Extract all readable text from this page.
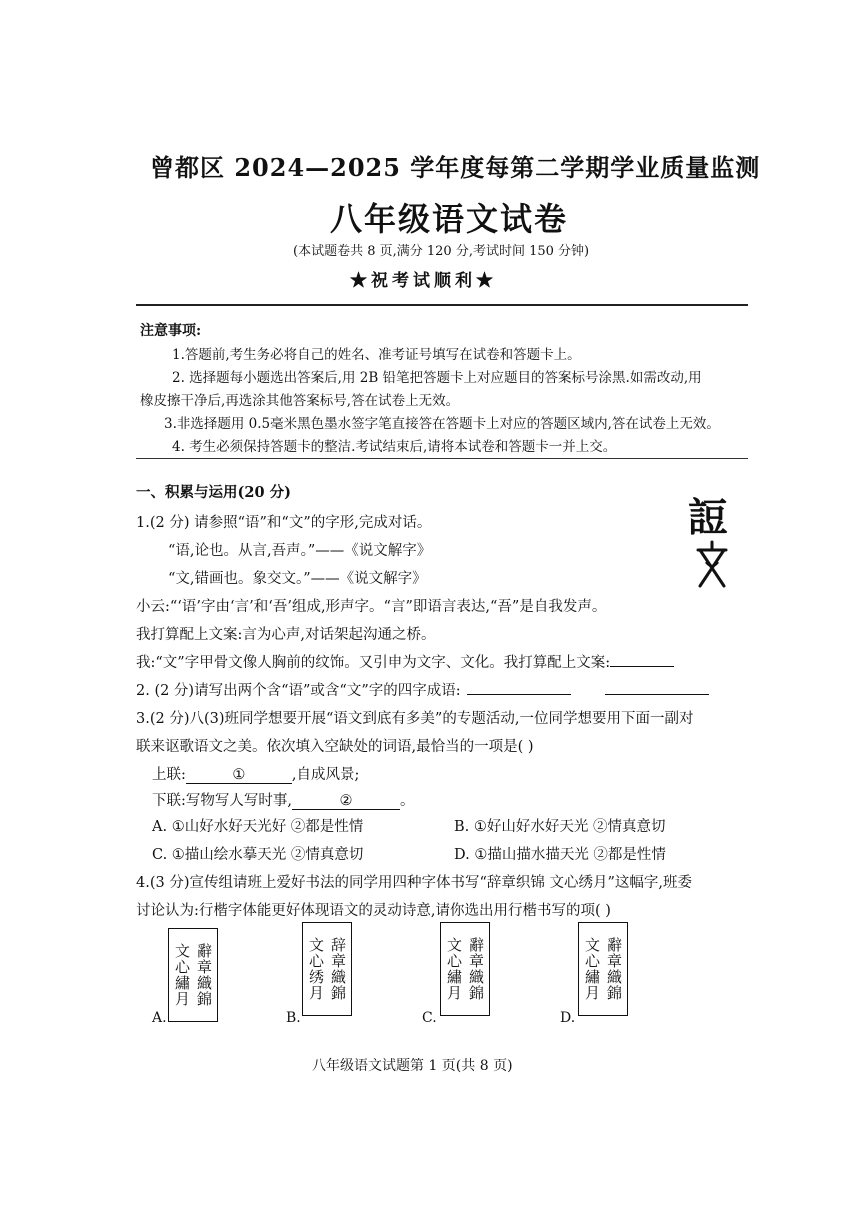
曾都区 2024—2025 学年度每第二学期学业质量监测
八年级语文试卷
(本试题卷共 8 页,满分 120 分,考试时间 150 分钟)
★祝考试顺利★
注意事项:
1.答题前,考生务必将自己的姓名、准考证号填写在试卷和答题卡上。
2. 选择题每小题选出答案后,用 2B 铅笔把答题卡上对应题目的答案标号涂黑.如需改动,用
橡皮擦干净后,再选涂其他答案标号,答在试卷上无效。
3.非选择题用 0.5毫米黑色墨水签字笔直接答在答题卡上对应的答题区域内,答在试卷上无效。
4. 考生必须保持答题卡的整洁.考试结束后,请将本试卷和答题卡一并上交。
一、积累与运用(20 分)
1.(2 分) 请参照“语”和“文”的字形,完成对话。
“语,论也。从言,吾声。”——《说文解字》
“文,错画也。象交文。”——《说文解字》
小云:“‘语’字由‘言’和‘吾’组成,形声字。“言”即语言表达,“吾”是自我发声。
我打算配上文案:言为心声,对话架起沟通之桥。
我:“文”字甲骨文像人胸前的纹饰。又引申为文字、文化。我打算配上文案:
䛠
2. (2 分)请写出两个含“语”或含“文”字的四字成语:
3.(2 分)八(3)班同学想要开展“语文到底有多美”的专题活动,一位同学想要用下面一副对
联来讴歌语文之美。依次填入空缺处的词语,最恰当的一项是( )
上联:	①	,自成风景;
下联:写物写人写时事,	②	。
A. ①山好水好天光好 ②都是性情	B. ①好山好水好天光 ②情真意切
C. ①描山绘水摹天光 ②情真意切	D. ①描山描水描天光 ②都是性情
4.(3 分)宣传组请班上爱好书法的同学用四种字体书写“辞章织锦 文心绣月”这幅字,班委
讨论认为:行楷字体能更好体现语文的灵动诗意,请你选出用行楷书写的项( )
A.
辭章織錦
文心繡月
B.
辞章織錦
文心绣月
C.
辭章織錦
文心繡月
D.
辭章織錦
文心繡月
八年级语文试题第 1 页(共 8 页)
